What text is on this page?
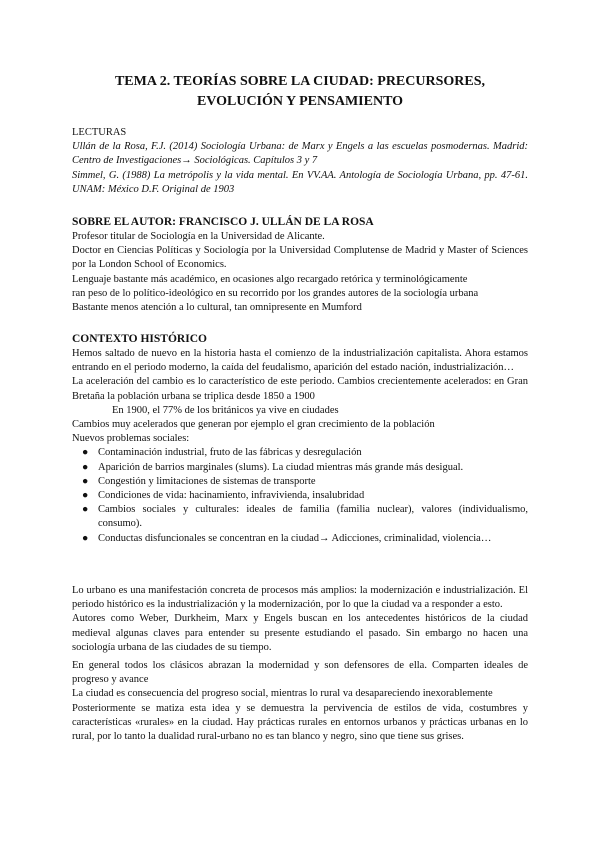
TEMA 2. TEORÍAS SOBRE LA CIUDAD: PRECURSORES,
EVOLUCIÓN Y PENSAMIENTO
LECTURAS
Ullán de la Rosa, F.J. (2014) Sociología Urbana: de Marx y Engels a las escuelas posmodernas. Madrid: Centro de Investigaciones→ Sociológicas. Capítulos 3 y 7
Simmel, G. (1988) La metrópolis y la vida mental. En VV.AA. Antología de Sociología Urbana, pp. 47-61. UNAM: México D.F. Original de 1903
SOBRE EL AUTOR: FRANCISCO J. ULLÁN DE LA ROSA
Profesor titular de Sociología en la Universidad de Alicante.
Doctor en Ciencias Políticas y Sociología por la Universidad Complutense de Madrid y Master of Sciences por la London School of Economics.
Lenguaje bastante más académico, en ocasiones algo recargado retórica y terminológicamente
ran peso de lo político-ideológico en su recorrido por los grandes autores de la sociología urbana
Bastante menos atención a lo cultural, tan omnipresente en Mumford
CONTEXTO HISTÓRICO
Hemos saltado de nuevo en la historia hasta el comienzo de la industrialización capitalista. Ahora estamos entrando en el periodo moderno, la caída del feudalismo, aparición del estado nación, industrialización…
La aceleración del cambio es lo característico de este periodo. Cambios crecientemente acelerados: en Gran Bretaña la población urbana se triplica desde 1850 a 1900
En 1900, el 77% de los británicos ya vive en ciudades
Cambios muy acelerados que generan por ejemplo el gran crecimiento de la población
Nuevos problemas sociales:
● Contaminación industrial, fruto de las fábricas y desregulación
● Aparición de barrios marginales (slums). La ciudad mientras más grande más desigual.
● Congestión y limitaciones de sistemas de transporte
● Condiciones de vida: hacinamiento, infravivienda, insalubridad
● Cambios sociales y culturales: ideales de familia (familia nuclear), valores (individualismo, consumo).
● Conductas disfuncionales se concentran en la ciudad→ Adicciones, criminalidad, violencia…
Lo urbano es una manifestación concreta de procesos más amplios: la modernización e industrialización. El periodo histórico es la industrialización y la modernización, por lo que la ciudad va a responder a esto.
Autores como Weber, Durkheim, Marx y Engels buscan en los antecedentes históricos de la ciudad medieval algunas claves para entender su presente estudiando el pasado. Sin embargo no hacen una sociología urbana de las ciudades de su tiempo.
En general todos los clásicos abrazan la modernidad y son defensores de ella. Comparten ideales de progreso y avance
La ciudad es consecuencia del progreso social, mientras lo rural va desapareciendo inexorablemente
Posteriormente se matiza esta idea y se demuestra la pervivencia de estilos de vida, costumbres y características «rurales» en la ciudad. Hay prácticas rurales en entornos urbanos y prácticas urbanas en lo rural, por lo tanto la dualidad rural-urbano no es tan blanco y negro, sino que tiene sus grises.
